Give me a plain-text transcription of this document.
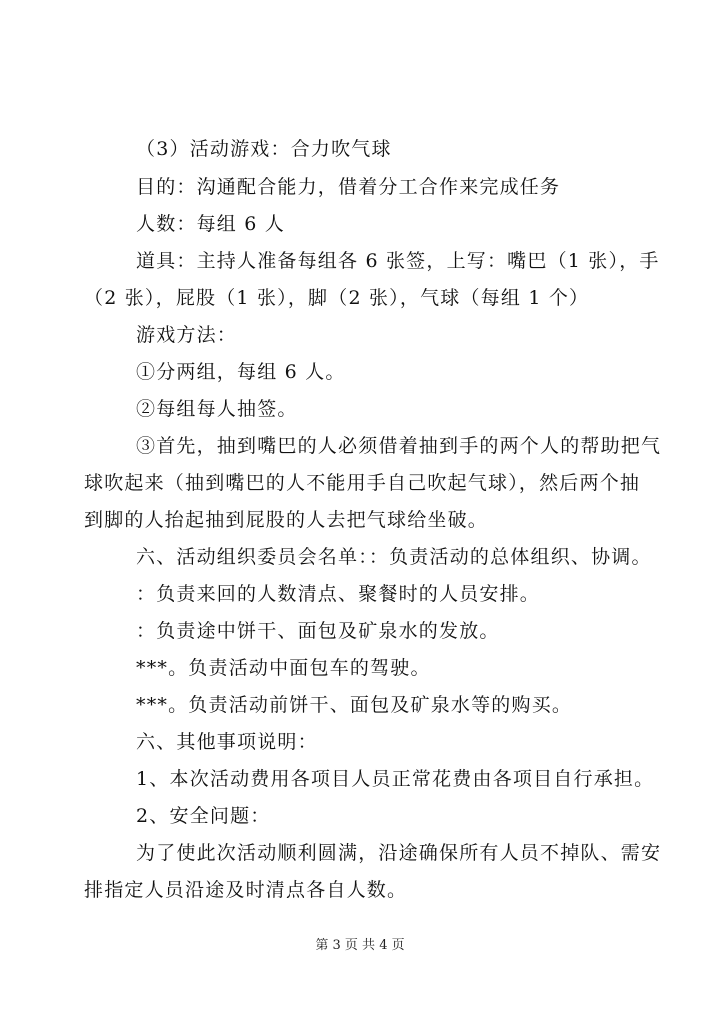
（3）活动游戏：合力吹气球
目的：沟通配合能力，借着分工合作来完成任务
人数：每组 6 人
道具：主持人准备每组各 6 张签，上写：嘴巴（1 张），手
（2 张），屁股（1 张），脚（2 张），气球（每组 1 个）
游戏方法：
①分两组，每组 6 人。
②每组每人抽签。
③首先，抽到嘴巴的人必须借着抽到手的两个人的帮助把气
球吹起来（抽到嘴巴的人不能用手自己吹起气球），然后两个抽
到脚的人抬起抽到屁股的人去把气球给坐破。
六、活动组织委员会名单：：负责活动的总体组织、协调。
：负责来回的人数清点、聚餐时的人员安排。
：负责途中饼干、面包及矿泉水的发放。
***。负责活动中面包车的驾驶。
***。负责活动前饼干、面包及矿泉水等的购买。
六、其他事项说明：
1、本次活动费用各项目人员正常花费由各项目自行承担。
2、安全问题：
为了使此次活动顺利圆满，沿途确保所有人员不掉队、需安
排指定人员沿途及时清点各自人数。
第 3 页 共 4 页
